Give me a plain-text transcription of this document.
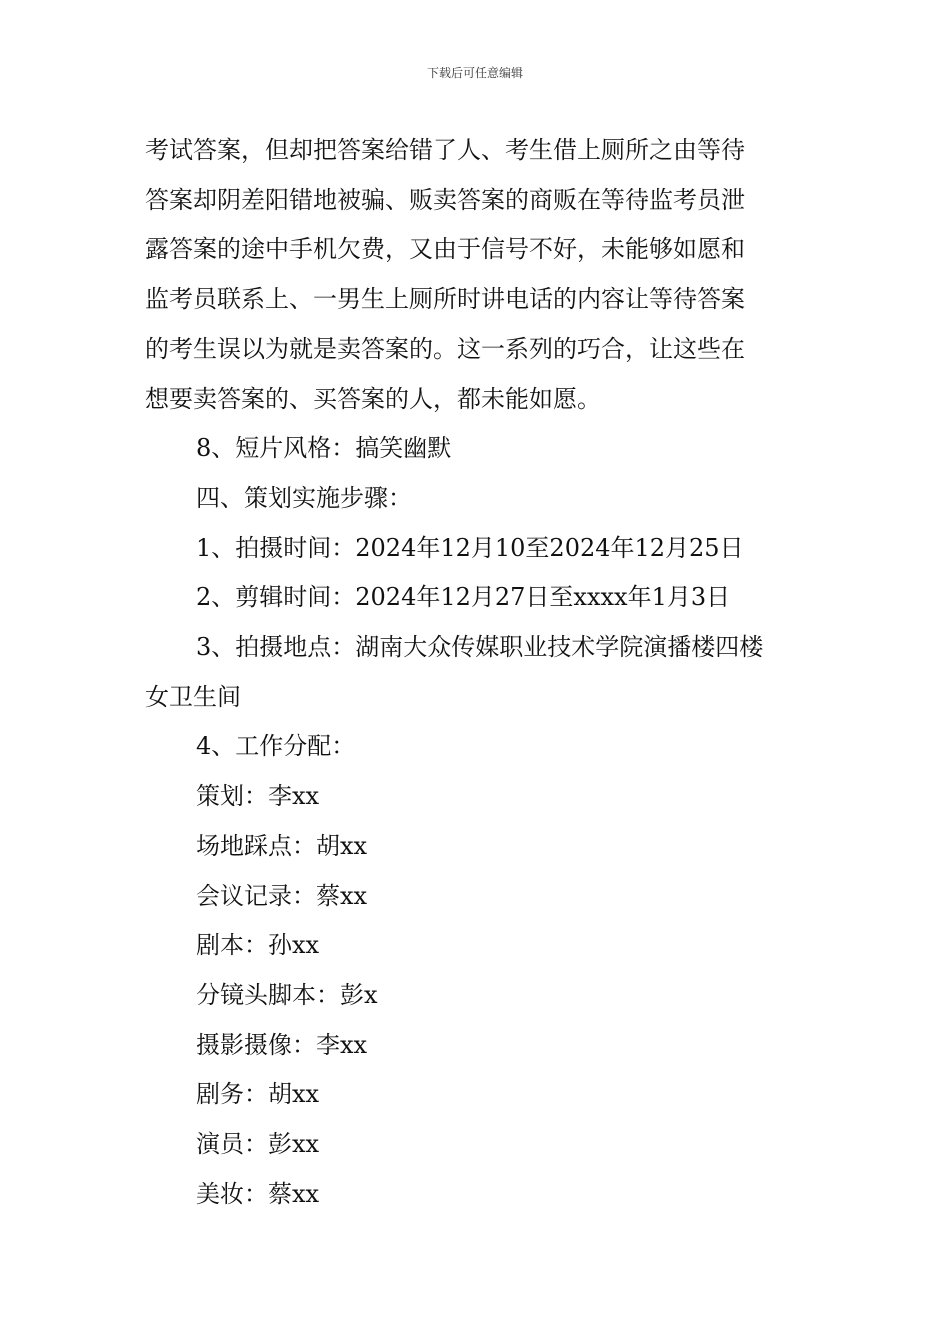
下载后可任意编辑

考试答案，但却把答案给错了人、考生借上厕所之由等待

答案却阴差阳错地被骗、贩卖答案的商贩在等待监考员泄

露答案的途中手机欠费，又由于信号不好，未能够如愿和

监考员联系上、一男生上厕所时讲电话的内容让等待答案

的考生误以为就是卖答案的。这一系列的巧合，让这些在

想要卖答案的、买答案的人，都未能如愿。

8、短片风格：搞笑幽默

四、策划实施步骤：

1、拍摄时间：2024年12月10至2024年12月25日

2、剪辑时间：2024年12月27日至xxxx年1月3日

3、拍摄地点：湖南大众传媒职业技术学院演播楼四楼

女卫生间

4、工作分配：

策划：李xx

场地踩点：胡xx

会议记录：蔡xx

剧本：孙xx

分镜头脚本：彭x

摄影摄像：李xx

剧务：胡xx

演员：彭xx

美妆：蔡xx
